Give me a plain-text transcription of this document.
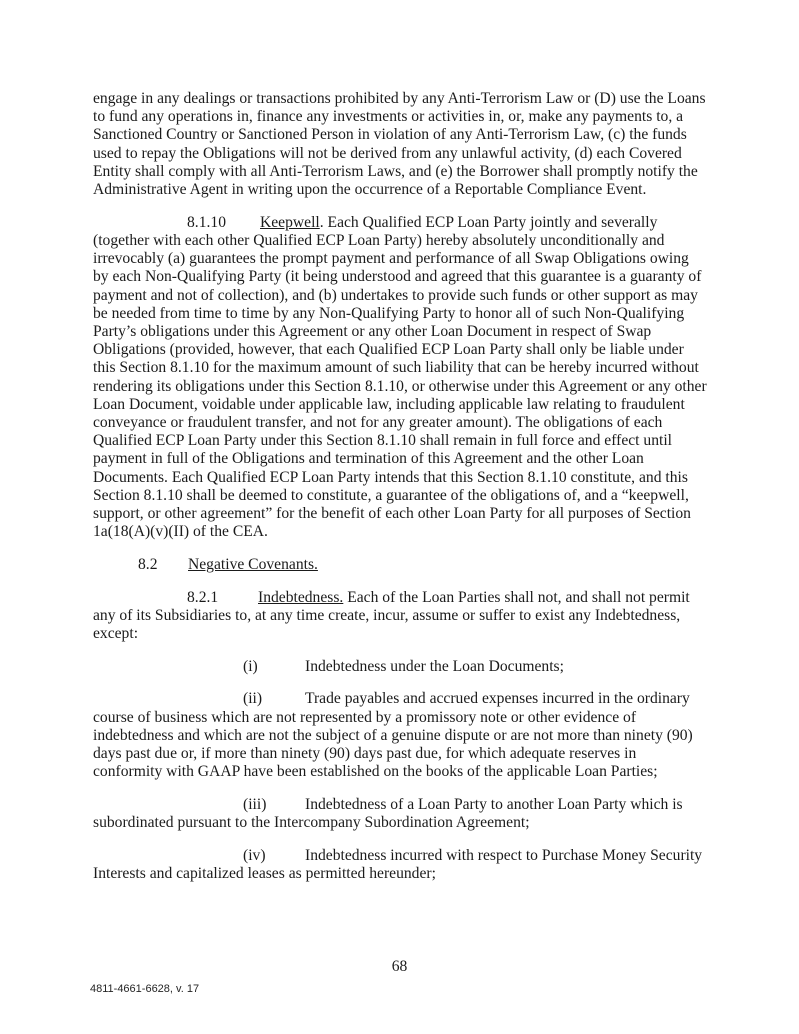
engage in any dealings or transactions prohibited by any Anti-Terrorism Law or (D) use the Loans to fund any operations in, finance any investments or activities in, or, make any payments to, a Sanctioned Country or Sanctioned Person in violation of any Anti-Terrorism Law, (c) the funds used to repay the Obligations will not be derived from any unlawful activity, (d) each Covered Entity shall comply with all Anti-Terrorism Laws, and (e) the Borrower shall promptly notify the Administrative Agent in writing upon the occurrence of a Reportable Compliance Event.

8.1.10 Keepwell. Each Qualified ECP Loan Party jointly and severally (together with each other Qualified ECP Loan Party) hereby absolutely unconditionally and irrevocably (a) guarantees the prompt payment and performance of all Swap Obligations owing by each Non-Qualifying Party (it being understood and agreed that this guarantee is a guaranty of payment and not of collection), and (b) undertakes to provide such funds or other support as may be needed from time to time by any Non-Qualifying Party to honor all of such Non-Qualifying Party’s obligations under this Agreement or any other Loan Document in respect of Swap Obligations (provided, however, that each Qualified ECP Loan Party shall only be liable under this Section 8.1.10 for the maximum amount of such liability that can be hereby incurred without rendering its obligations under this Section 8.1.10, or otherwise under this Agreement or any other Loan Document, voidable under applicable law, including applicable law relating to fraudulent conveyance or fraudulent transfer, and not for any greater amount). The obligations of each Qualified ECP Loan Party under this Section 8.1.10 shall remain in full force and effect until payment in full of the Obligations and termination of this Agreement and the other Loan Documents. Each Qualified ECP Loan Party intends that this Section 8.1.10 constitute, and this Section 8.1.10 shall be deemed to constitute, a guarantee of the obligations of, and a “keepwell, support, or other agreement” for the benefit of each other Loan Party for all purposes of Section 1a(18(A)(v)(II) of the CEA.

8.2 Negative Covenants.

8.2.1	Indebtedness. Each of the Loan Parties shall not, and shall not permit any of its Subsidiaries to, at any time create, incur, assume or suffer to exist any Indebtedness, except:

(i)	Indebtedness under the Loan Documents;

(ii)	Trade payables and accrued expenses incurred in the ordinary course of business which are not represented by a promissory note or other evidence of indebtedness and which are not the subject of a genuine dispute or are not more than ninety (90) days past due or, if more than ninety (90) days past due, for which adequate reserves in conformity with GAAP have been established on the books of the applicable Loan Parties;

(iii) Indebtedness of a Loan Party to another Loan Party which is subordinated pursuant to the Intercompany Subordination Agreement;

(iv)	Indebtedness incurred with respect to Purchase Money Security Interests and capitalized leases as permitted hereunder;

68
4811-4661-6628, v. 17
